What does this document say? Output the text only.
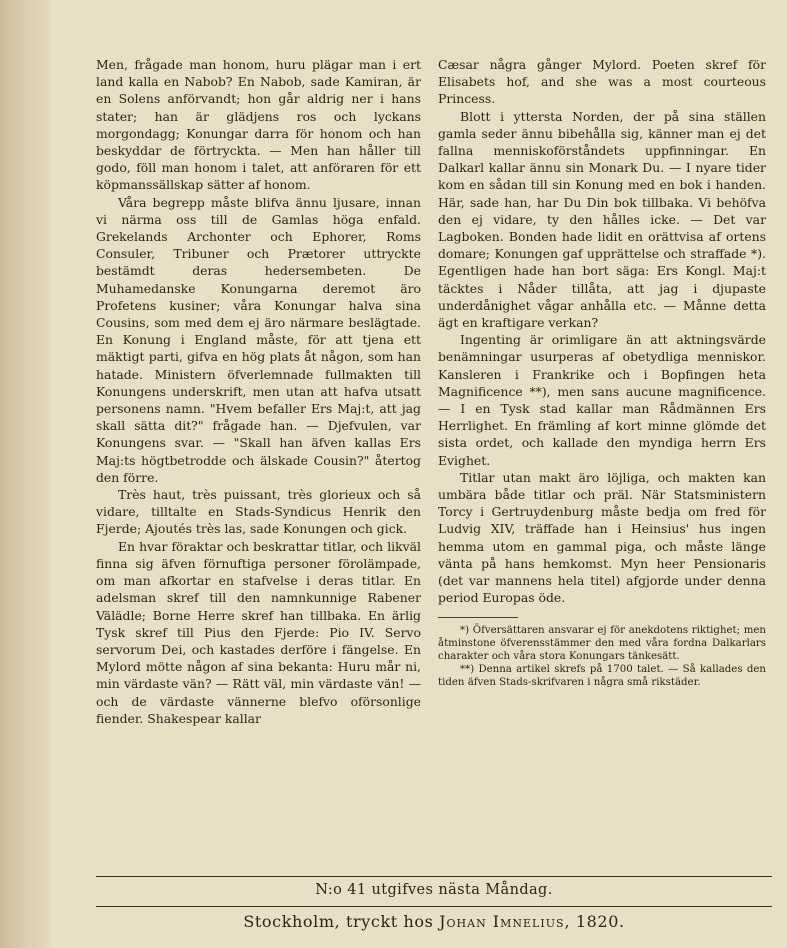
Men, frågade man honom, huru plägar man i ert land kalla en Nabob? En Nabob, sade Kamiran, är en Solens anförvandt; hon går aldrig ner i hans stater; han är glädjens ros och lyckans morgondagg; Konungar darra för honom och han beskyddar de förtryckta. — Men han håller till godo, föll man honom i talet, att anföraren för ett köpmanssällskap sätter af honom.

Våra begrepp måste blifva ännu ljusare, innan vi närma oss till de Gamlas höga enfald. Grekelands Archonter och Ephorer, Roms Consuler, Tribuner och Prætorer uttryckte bestämdt deras hedersembeten. De Muhamedanske Konungarna deremot äro Profetens kusiner; våra Konungar halva sina Cousins, som med dem ej äro närmare beslägtade. En Konung i England måste, för att tjena ett mäktigt parti, gifva en hög plats åt någon, som han hatade. Ministern öfverlemnade fullmakten till Konungens underskrift, men utan att hafva utsatt personens namn. "Hvem befaller Ers Maj:t, att jag skall sätta dit?" frågade han. — Djefvulen, var Konungens svar. — "Skall han äfven kallas Ers Maj:ts högtbetrodde och älskade Cousin?" återtog den förre.

Très haut, très puissant, très glorieux och så vidare, tilltalte en Stads-Syndicus Henrik den Fjerde; Ajoutés très las, sade Konungen och gick.

En hvar föraktar och beskrattar titlar, och likväl finna sig äfven förnuftiga personer förolämpade, om man afkortar en stafvelse i deras titlar. En adelsman skref till den namnkunnige Rabener Välädle; Borne Herre skref han tillbaka. En ärlig Tysk skref till Pius den Fjerde: Pio IV. Servo servorum Dei, och kastades derföre i fängelse. En Mylord mötte någon af sina bekanta: Huru mår ni, min värdaste vän? — Rätt väl, min värdaste vän! — och de värdaste vännerne blefvo oförsonlige fiender. Shakespear kallar

Cæsar några gånger Mylord. Poeten skref för Elisabets hof, and she was a most courteous Princess.

Blott i yttersta Norden, der på sina ställen gamla seder ännu bibehålla sig, känner man ej det fallna menniskoförståndets uppfinningar. En Dalkarl kallar ännu sin Monark Du. — I nyare tider kom en sådan till sin Konung med en bok i handen. Här, sade han, har Du Din bok tillbaka. Vi behöfva den ej vidare, ty den hålles icke. — Det var Lagboken. Bonden hade lidit en orättvisa af ortens domare; Konungen gaf upprättelse och straffade *). Egentligen hade han bort säga: Ers Kongl. Maj:t täcktes i Nåder tillåta, att jag i djupaste underdånighet vågar anhålla etc. — Månne detta ägt en kraftigare verkan?

Ingenting är orimligare än att aktningsvärde benämningar usurperas af obetydliga menniskor. Kansleren i Frankrike och i Bopfingen heta Magnificence **), men sans aucune magnificence. — I en Tysk stad kallar man Rådmännen Ers Herrlighet. En främling af kort minne glömde det sista ordet, och kallade den myndiga herrn Ers Evighet.

Titlar utan makt äro löjliga, och makten kan umbära både titlar och präl. När Statsministern Torcy i Gertruydenburg måste bedja om fred för Ludvig XIV, träffade han i Heinsius' hus ingen hemma utom en gammal piga, och måste länge vänta på hans hemkomst. Myn heer Pensionaris (det var mannens hela titel) afgjorde under denna period Europas öde.

*) Öfversättaren ansvarar ej för anekdotens riktighet; men åtminstone öfverensstämmer den med våra fordna Dalkarlars charakter och våra stora Konungars tänkesätt.

**) Denna artikel skrefs på 1700 talet. — Så kallades den tiden äfven Stads-skrifvaren i några små rikstäder.

N:o 41 utgifves nästa Måndag.
Stockholm, tryckt hos Johan Imnelius, 1820.
